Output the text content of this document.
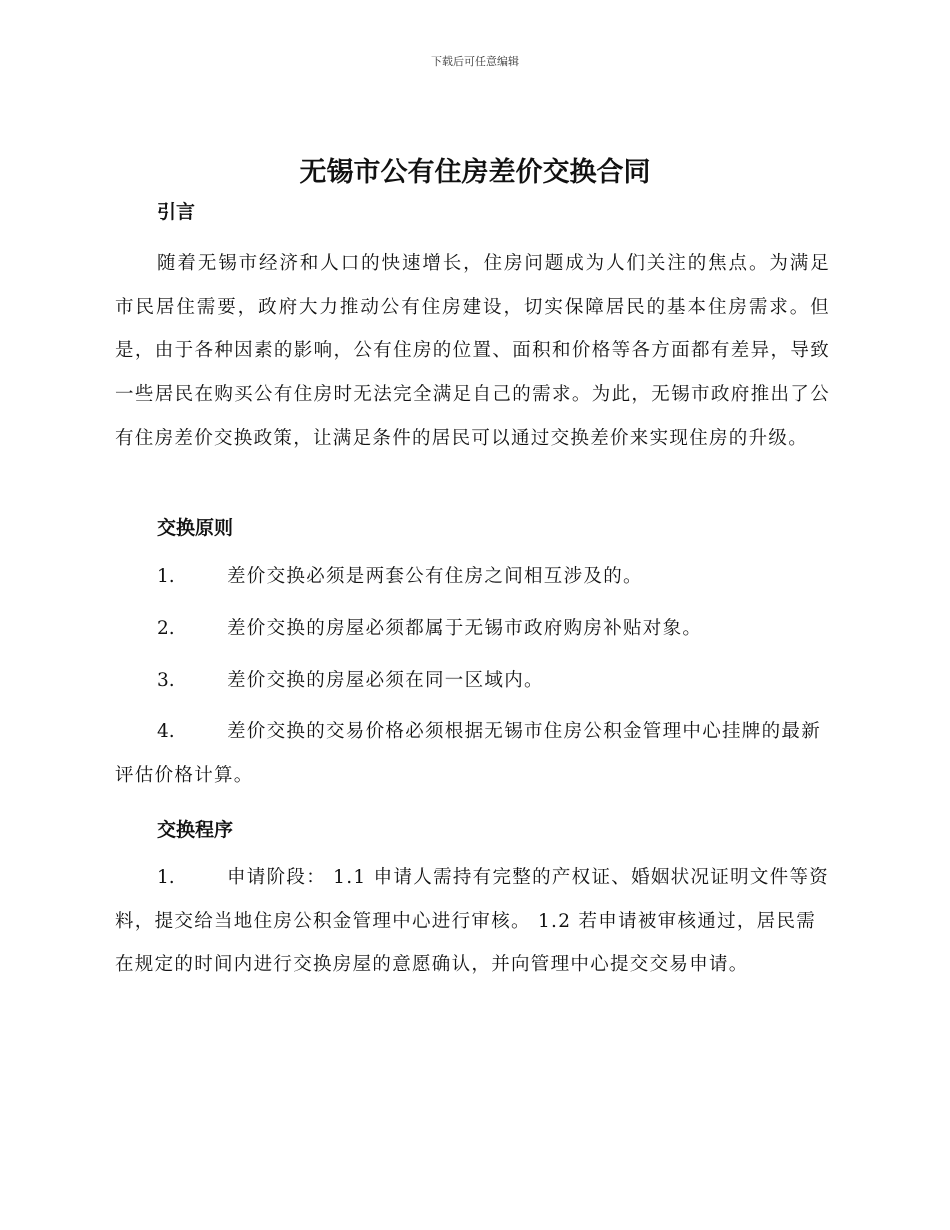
下载后可任意编辑
无锡市公有住房差价交换合同
引言
随着无锡市经济和人口的快速增长，住房问题成为人们关注的焦点。为满足市民居住需要，政府大力推动公有住房建设，切实保障居民的基本住房需求。但是，由于各种因素的影响，公有住房的位置、面积和价格等各方面都有差异，导致一些居民在购买公有住房时无法完全满足自己的需求。为此，无锡市政府推出了公有住房差价交换政策，让满足条件的居民可以通过交换差价来实现住房的升级。
交换原则
1.	差价交换必须是两套公有住房之间相互涉及的。
2.	差价交换的房屋必须都属于无锡市政府购房补贴对象。
3.	差价交换的房屋必须在同一区域内。
4.	差价交换的交易价格必须根据无锡市住房公积金管理中心挂牌的最新评估价格计算。
交换程序
1.	申请阶段： 1.1 申请人需持有完整的产权证、婚姻状况证明文件等资料，提交给当地住房公积金管理中心进行审核。 1.2 若申请被审核通过，居民需在规定的时间内进行交换房屋的意愿确认，并向管理中心提交交易申请。
